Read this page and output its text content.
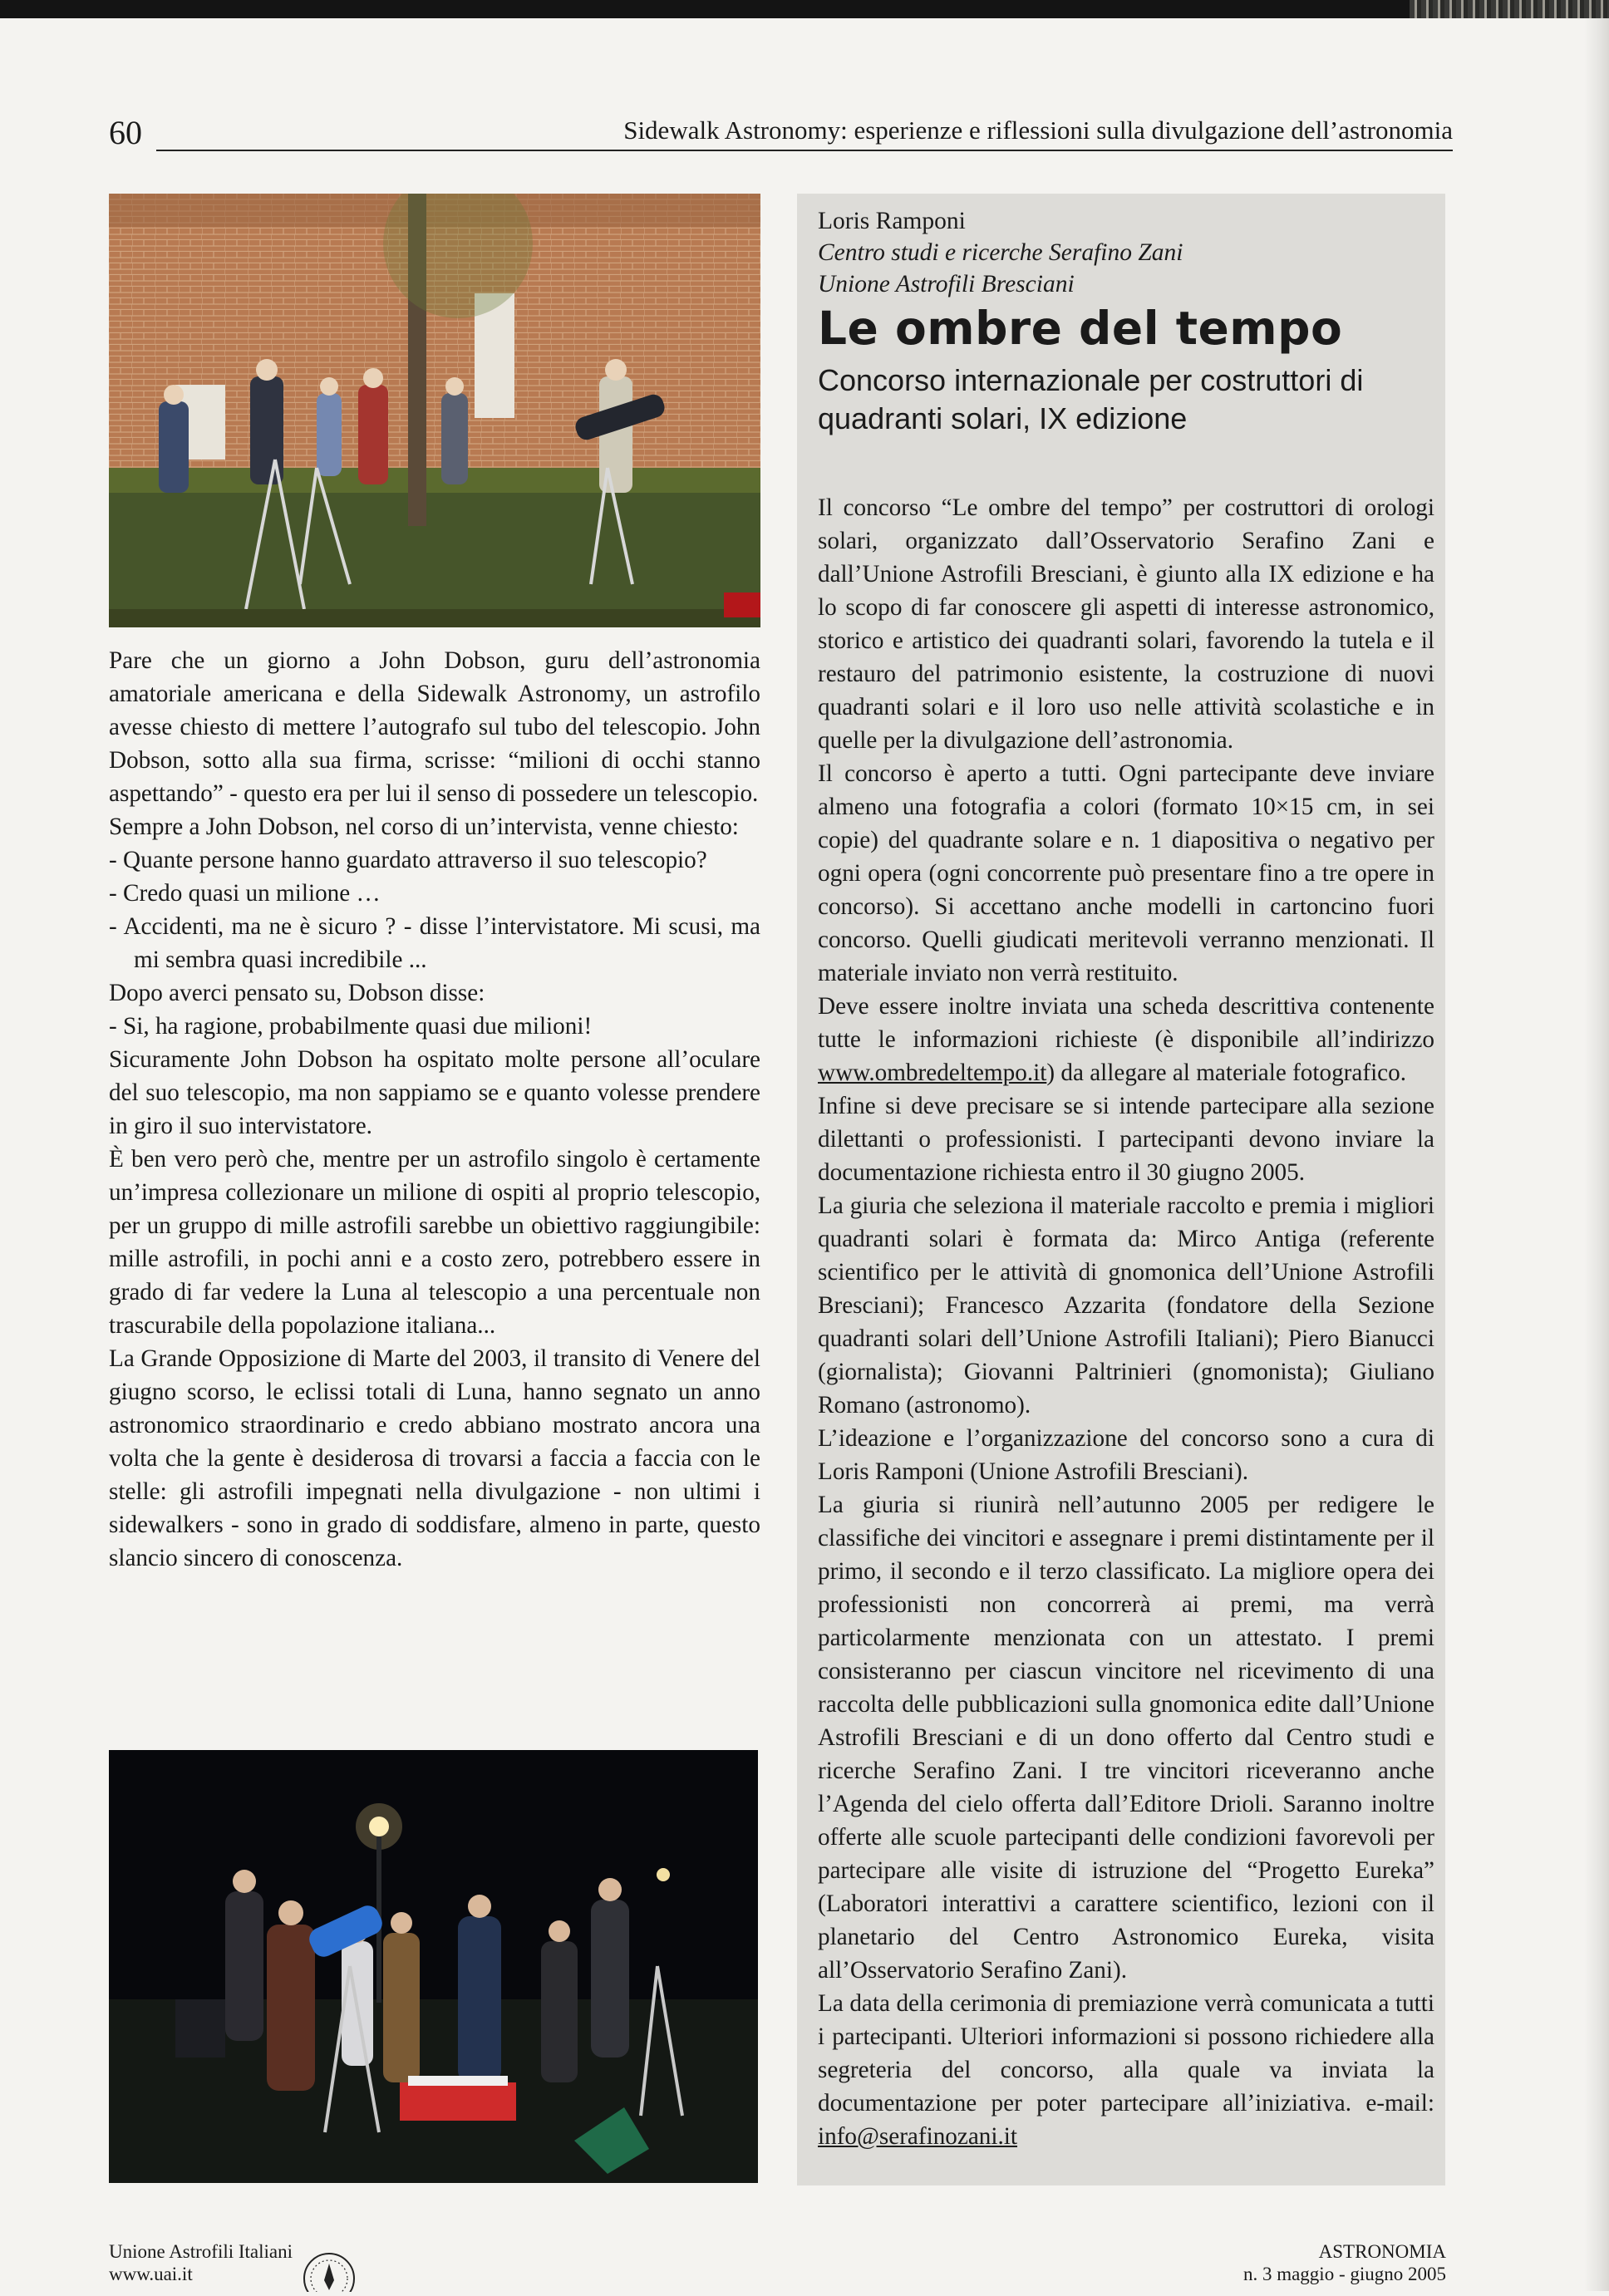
60	Sidewalk Astronomy: esperienze e riflessioni sulla divulgazione dell’astronomia

Pare che un giorno a John Dobson, guru dell’astronomia amatoriale americana e della Sidewalk Astronomy, un astrofilo avesse chiesto di mettere l’autografo sul tubo del telescopio. John Dobson, sotto alla sua firma, scrisse: “milioni di occhi stanno aspettando” - questo era per lui il senso di possedere un telescopio.

Sempre a John Dobson, nel corso di un’intervista, venne chiesto:

- Quante persone hanno guardato attraverso il suo telescopio?

- Credo quasi un milione …

- Accidenti, ma ne è sicuro ? - disse l’intervistatore. Mi scusi, ma mi sembra quasi incredibile ...

Dopo averci pensato su, Dobson disse:

- Si, ha ragione, probabilmente quasi due milioni!

Sicuramente John Dobson ha ospitato molte persone all’oculare del suo telescopio, ma non sappiamo se e quanto volesse prendere in giro il suo intervistatore.

È ben vero però che, mentre per un astrofilo singolo è certamente un’impresa collezionare un milione di ospiti al proprio telescopio, per un gruppo di mille astrofili sarebbe un obiettivo raggiungibile: mille astrofili, in pochi anni e a costo zero, potrebbero essere in grado di far vedere la Luna al telescopio a una percentuale non trascurabile della popolazione italiana...

La Grande Opposizione di Marte del 2003, il transito di Venere del giugno scorso, le eclissi totali di Luna, hanno segnato un anno astronomico straordinario e credo abbiano mostrato ancora una volta che la gente è desiderosa di trovarsi a faccia a faccia con le stelle: gli astrofili impegnati nella divulgazione - non ultimi i sidewalkers - sono in grado di soddisfare, almeno in parte, questo slancio sincero di conoscenza.

Loris Ramponi
Centro studi e ricerche Serafino Zani
Unione Astrofili Bresciani
Le ombre del tempo
Concorso internazionale per costruttori di quadranti solari, IX edizione

Il concorso “Le ombre del tempo” per costruttori di orologi solari, organizzato dall’Osservatorio Serafino Zani e dall’Unione Astrofili Bresciani, è giunto alla IX edizione e ha lo scopo di far conoscere gli aspetti di interesse astronomico, storico e artistico dei quadranti solari, favorendo la tutela e il restauro del patrimonio esistente, la costruzione di nuovi quadranti solari e il loro uso nelle attività scolastiche e in quelle per la divulgazione dell’astronomia.

Il concorso è aperto a tutti. Ogni partecipante deve inviare almeno una fotografia a colori (formato 10×15 cm, in sei copie) del quadrante solare e n. 1 diapositiva o negativo per ogni opera (ogni concorrente può presentare fino a tre opere in concorso). Si accettano anche modelli in cartoncino fuori concorso. Quelli giudicati meritevoli verranno menzionati. Il materiale inviato non verrà restituito.

Deve essere inoltre inviata una scheda descrittiva contenente tutte le informazioni richieste (è disponibile all’indirizzo www.ombredeltempo.it) da allegare al materiale fotografico.

Infine si deve precisare se si intende partecipare alla sezione dilettanti o professionisti. I partecipanti devono inviare la documentazione richiesta entro il 30 giugno 2005.

La giuria che seleziona il materiale raccolto e premia i migliori quadranti solari è formata da: Mirco Antiga (referente scientifico per le attività di gnomonica dell’Unione Astrofili Bresciani); Francesco Azzarita (fondatore della Sezione quadranti solari dell’Unione Astrofili Italiani); Piero Bianucci (giornalista); Giovanni Paltrinieri (gnomonista); Giuliano Romano (astronomo).

L’ideazione e l’organizzazione del concorso sono a cura di Loris Ramponi (Unione Astrofili Bresciani).

La giuria si riunirà nell’autunno 2005 per redigere le classifiche dei vincitori e assegnare i premi distintamente per il primo, il secondo e il terzo classificato. La migliore opera dei professionisti non concorrerà ai premi, ma verrà particolarmente menzionata con un attestato. I premi consisteranno per ciascun vincitore nel ricevimento di una raccolta delle pubblicazioni sulla gnomonica edite dall’Unione Astrofili Bresciani e di un dono offerto dal Centro studi e ricerche Serafino Zani. I tre vincitori riceveranno anche l’Agenda del cielo offerta dall’Editore Drioli. Saranno inoltre offerte alle scuole partecipanti delle condizioni favorevoli per partecipare alle visite di istruzione del “Progetto Eureka” (Laboratori interattivi a carattere scientifico, lezioni con il planetario del Centro Astronomico Eureka, visita all’Osservatorio Serafino Zani).

La data della cerimonia di premiazione verrà comunicata a tutti i partecipanti. Ulteriori informazioni si possono richiedere alla segreteria del concorso, alla quale va inviata la documentazione per poter partecipare all’iniziativa. e-mail: info@serafinozani.it

Unione Astrofili Italiani
www.uai.it
ASTRONOMIA
n. 3 maggio - giugno 2005
